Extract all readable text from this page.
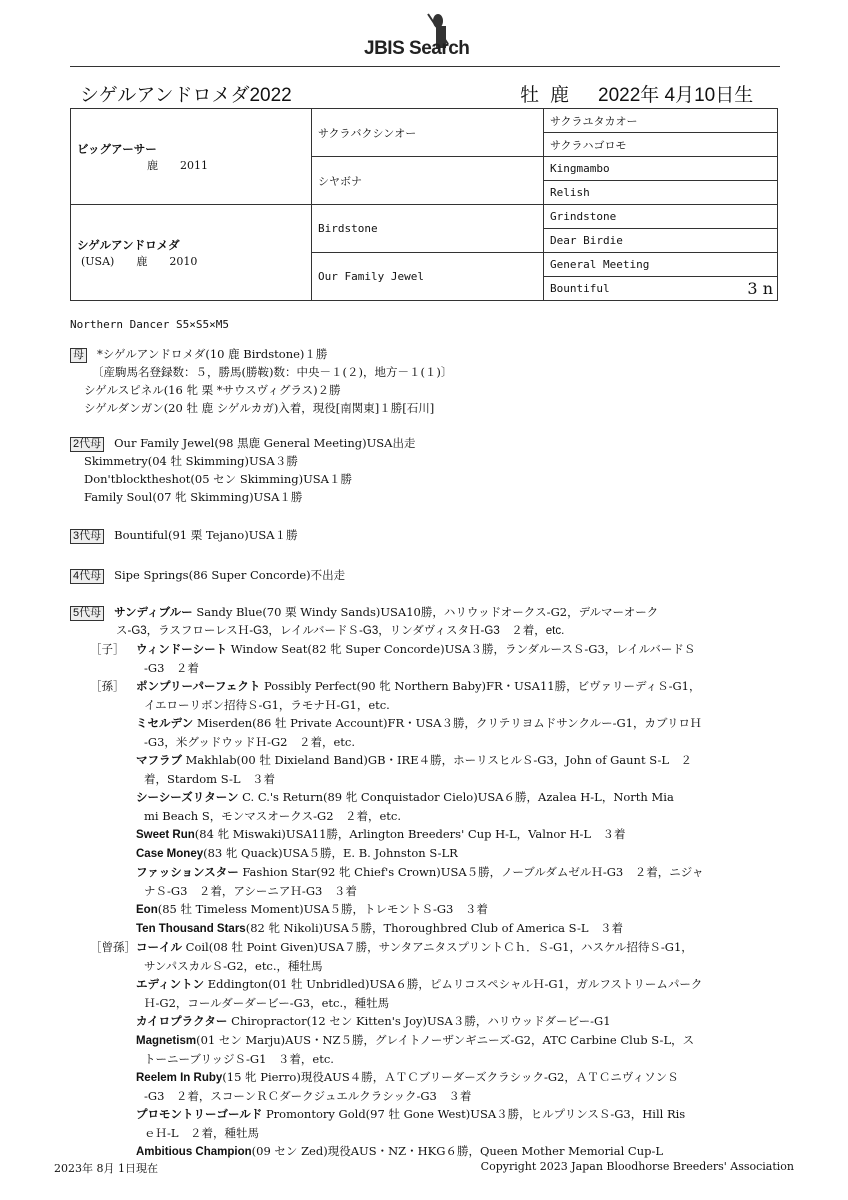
JBIS Search
シゲルアンドロメダ2022	牡 鹿 2022年 4月10日生
ビッグアーサー
鹿　　2011	サクラバクシンオー	サクラユタカオー
		サクラハゴロモ
	シヤボナ	Kingmambo
		Relish

シゲルアンドロメダ
(USA)　　鹿　　2010	Birdstone	Grindstone
		Dear Birdie
	Our Family Jewel	General Meeting
		Bountiful 3 n
Northern Dancer S5×S5×M5
母 *シゲルアンドロメダ(10 鹿 Birdstone)１勝
〔産駒馬名登録数：５，勝馬(勝鞍)数：中央－１(２)，地方－１(１)〕
シゲルスピネル(16 牝 栗 *サウスヴィグラス)２勝
シゲルダンガン(20 牡 鹿 シゲルカガ)入着，現役[南関東]１勝[石川]
2代母 Our Family Jewel(98 黒鹿 General Meeting)USA出走
Skimmetry(04 牡 Skimming)USA３勝
Don'tblocktheshot(05 セン Skimming)USA１勝
Family Soul(07 牝 Skimming)USA１勝
3代母 Bountiful(91 栗 Tejano)USA１勝
4代母 Sipe Springs(86 Super Concorde)不出走
5代母 サンディブルー Sandy Blue(70 栗 Windy Sands)USA10勝，ハリウッドオークス-G2，デルマーオーク
ス-G3，ラスフローレスＨ-G3，レイルバードＳ-G3，リンダヴィスタＨ-G3　２着，etc.
［子］ ウィンドーシート Window Seat(82 牝 Super Concorde)USA３勝，ランダルースＳ-G3，レイルバードＳ
-G3　２着
［孫］ ポンプリーパーフェクト Possibly Perfect(90 牝 Northern Baby)FR・USA11勝，ビヴァリーディＳ-G1，
イエローリボン招待Ｓ-G1，ラモナＨ-G1，etc.
ミセルデン Miserden(86 牡 Private Account)FR・USA３勝，クリテリヨムドサンクルー-G1，カブリロＨ
-G3，米グッドウッドＨ-G2　２着，etc.
マフラブ Makhlab(00 牡 Dixieland Band)GB・IRE４勝，ホーリスヒルＳ-G3，John of Gaunt S-L　２
着，Stardom S-L　３着
シーシーズリターン C. C.'s Return(89 牝 Conquistador Cielo)USA６勝，Azalea H-L，North Mia
mi Beach S，モンマスオークス-G2　２着，etc.
Sweet Run(84 牝 Miswaki)USA11勝，Arlington Breeders' Cup H-L，Valnor H-L　３着
Case Money(83 牝 Quack)USA５勝，E. B. Johnston S-LR
ファッションスター Fashion Star(92 牝 Chief's Crown)USA５勝，ノーブルダムゼルＨ-G3　２着，ニジャ
ナＳ-G3　２着，アシーニアＨ-G3　３着
Eon(85 牡 Timeless Moment)USA５勝，トレモントＳ-G3　３着
Ten Thousand Stars(82 牝 Nikoli)USA５勝，Thoroughbred Club of America S-L　３着
［曾孫］コーイル Coil(08 牡 Point Given)USA７勝，サンタアニタスプリントＣｈ．Ｓ-G1，ハスケル招待Ｓ-G1，
サンパスカルＳ-G2，etc.，種牡馬
エディントン Eddington(01 牡 Unbridled)USA６勝，ピムリコスペシャルＨ-G1，ガルフストリームパーク
Ｈ-G2，コールダーダービー-G3，etc.，種牡馬
カイロプラクター Chiropractor(12 セン Kitten's Joy)USA３勝，ハリウッドダービー-G1
Magnetism(01 セン Marju)AUS・NZ５勝，グレイトノーザンギニーズ-G2，ATC Carbine Club S-L，ス
トーニーブリッジＳ-G1　３着，etc.
Reelem In Ruby(15 牝 Pierro)現役AUS４勝，ＡＴＣブリーダーズクラシック-G2，ＡＴＣニヴィソンＳ
-G3　２着，スコーンＲＣダークジュエルクラシック-G3　３着
プロモントリーゴールド Promontory Gold(97 牡 Gone West)USA３勝，ヒルプリンスＳ-G3，Hill Ris
ｅＨ-L　２着，種牡馬
Ambitious Champion(09 セン Zed)現役AUS・NZ・HKG６勝，Queen Mother Memorial Cup-L
2023年 8月 1日現在	Copyright 2023 Japan Bloodhorse Breeders' Association
